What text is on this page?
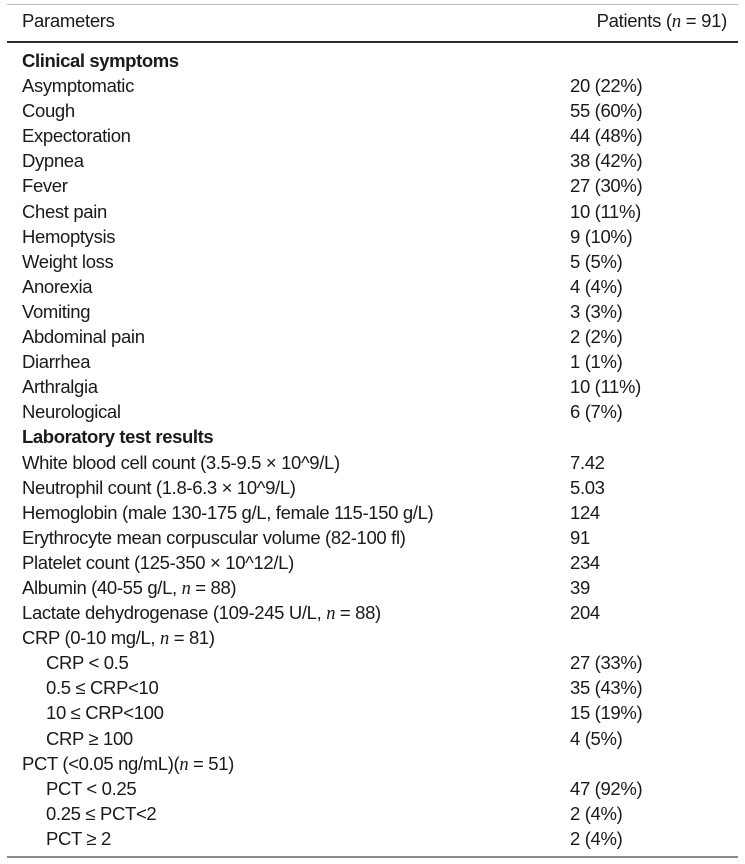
Parameters	Patients (n = 91)
Clinical symptoms
Asymptomatic	20 (22%)
Cough	55 (60%)
Expectoration	44 (48%)
Dypnea	38 (42%)
Fever	27 (30%)
Chest pain	10 (11%)
Hemoptysis	9 (10%)
Weight loss	5 (5%)
Anorexia	4 (4%)
Vomiting	3 (3%)
Abdominal pain	2 (2%)
Diarrhea	1 (1%)
Arthralgia	10 (11%)
Neurological	6 (7%)
Laboratory test results
White blood cell count (3.5-9.5 × 10^9/L)	7.42
Neutrophil count (1.8-6.3 × 10^9/L)	5.03
Hemoglobin (male 130-175 g/L, female 115-150 g/L)	124
Erythrocyte mean corpuscular volume (82-100 fl)	91
Platelet count (125-350 × 10^12/L)	234
Albumin (40-55 g/L, n = 88)	39
Lactate dehydrogenase (109-245 U/L, n = 88)	204
CRP (0-10 mg/L, n = 81)
CRP < 0.5	27 (33%)
0.5 ≤ CRP<10	35 (43%)
10 ≤ CRP<100	15 (19%)
CRP ≥ 100	4 (5%)
PCT (<0.05 ng/mL)(n = 51)
PCT < 0.25	47 (92%)
0.25 ≤ PCT<2	2 (4%)
PCT ≥ 2	2 (4%)
